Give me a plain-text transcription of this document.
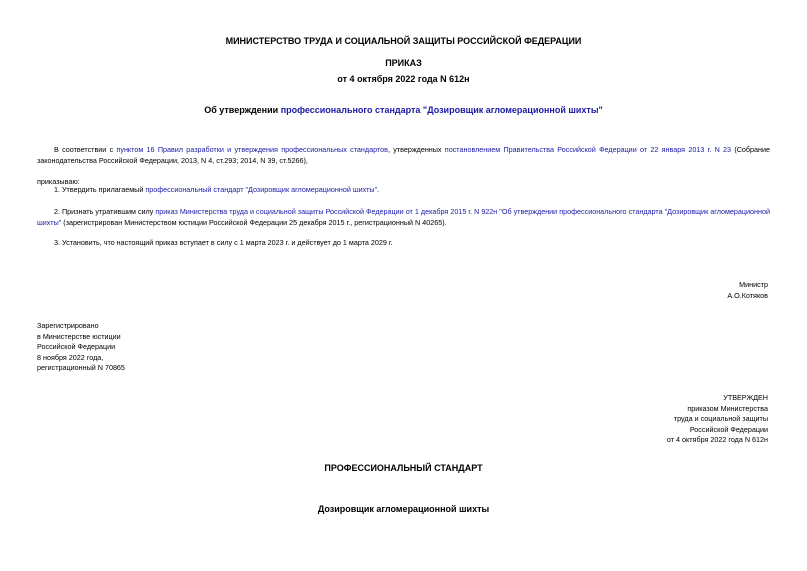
МИНИСТЕРСТВО ТРУДА И СОЦИАЛЬНОЙ ЗАЩИТЫ РОССИЙСКОЙ ФЕДЕРАЦИИ
ПРИКАЗ
от 4 октября 2022 года N 612н
Об утверждении профессионального стандарта "Дозировщик агломерационной шихты"
В соответствии с пунктом 16 Правил разработки и утверждения профессиональных стандартов, утвержденных постановлением Правительства Российской Федерации от 22 января 2013 г. N 23 (Собрание законодательства Российской Федерации, 2013, N 4, ст.293; 2014, N 39, ст.5266),
приказываю:
1. Утвердить прилагаемый профессиональный стандарт "Дозировщик агломерационной шихты".
2. Признать утратившим силу приказ Министерства труда и социальной защиты Российской Федерации от 1 декабря 2015 г. N 922н "Об утверждении профессионального стандарта "Дозировщик агломерационной шихты" (зарегистрирован Министерством юстиции Российской Федерации 25 декабря 2015 г., регистрационный N 40265).
3. Установить, что настоящий приказ вступает в силу с 1 марта 2023 г. и действует до 1 марта 2029 г.

Министр

А.О.Котяков

Зарегистрировано

в Министерстве юстиции

Российской Федерации

8 ноября 2022 года,

регистрационный N 70865

УТВЕРЖДЕН

приказом Министерства

труда и социальной защиты

Российской Федерации

от 4 октября 2022 года N 612н

ПРОФЕССИОНАЛЬНЫЙ СТАНДАРТ
Дозировщик агломерационной шихты
